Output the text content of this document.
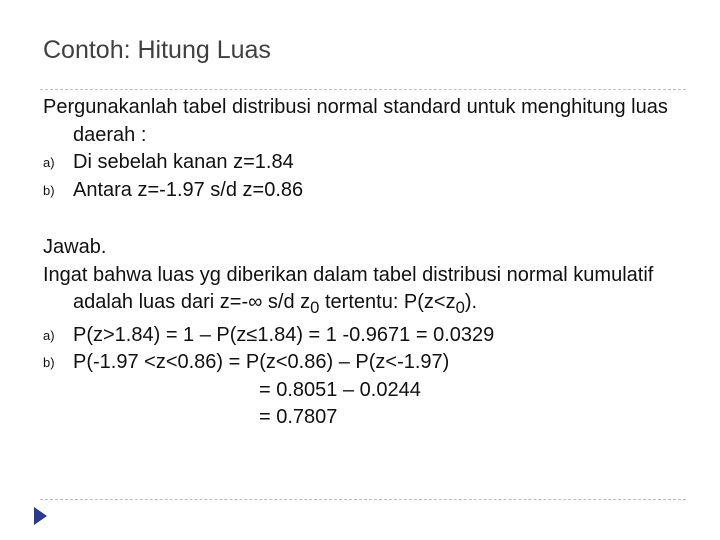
Contoh: Hitung Luas

Pergunakanlah tabel distribusi normal standard untuk menghitung luas daerah :

a) Di sebelah kanan z=1.84
b) Antara z=-1.97 s/d z=0.86

Jawab.

Ingat bahwa luas yg diberikan dalam tabel distribusi normal kumulatif adalah luas dari z=-∞ s/d $z_0$ tertentu: $P(z<z_0)$.

a) P(z>1.84) = 1 – P(z≤1.84) = 1 -0.9671 = 0.0329
b) P(-1.97 <z<0.86) = P(z<0.86) – P(z<-1.97)

= 0.8051 – 0.0244

= 0.7807
